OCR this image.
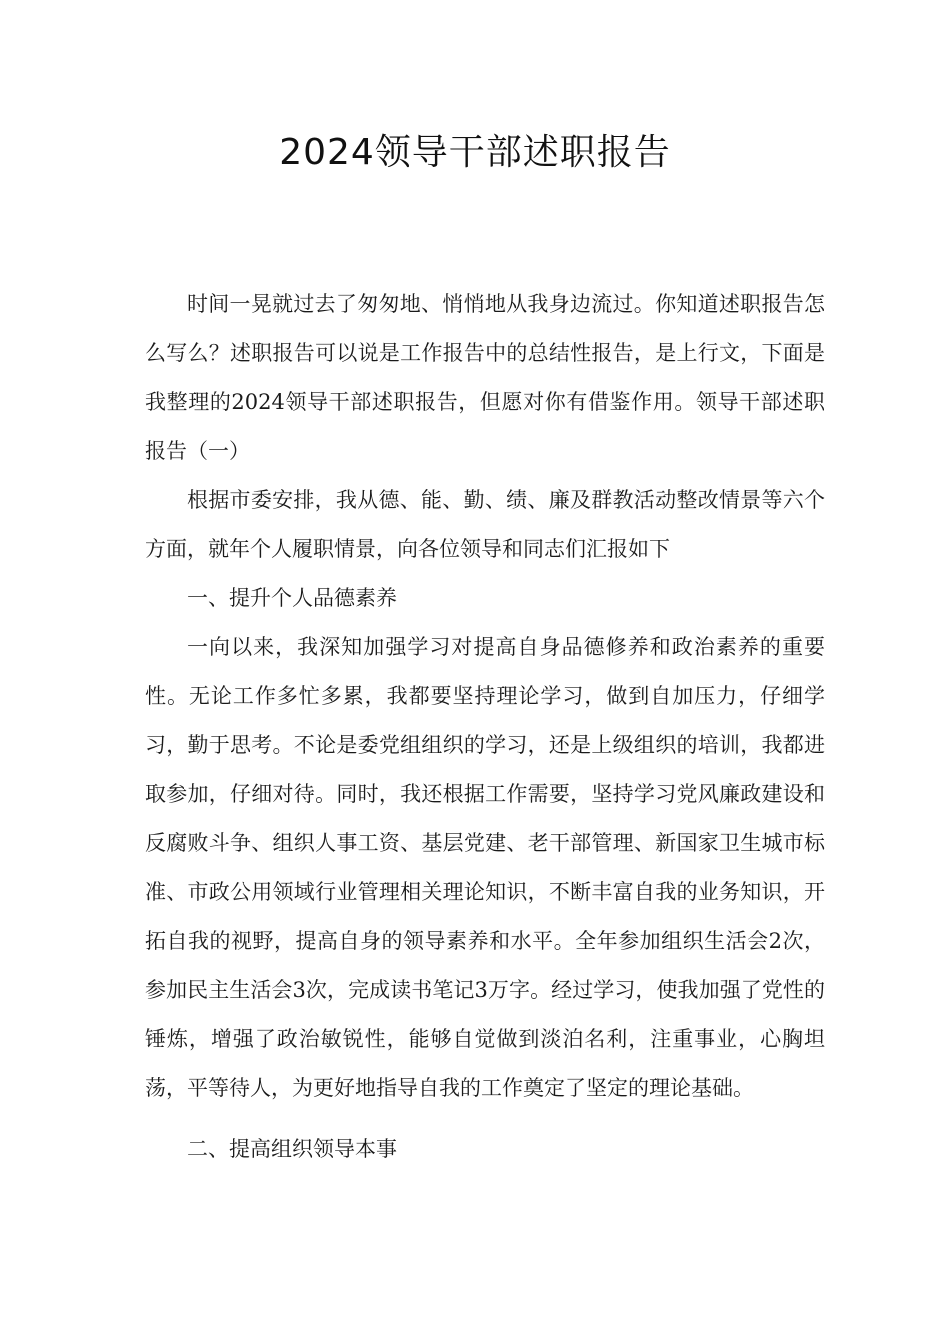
2024领导干部述职报告

时间一晃就过去了匆匆地、悄悄地从我身边流过。你知道述职报告怎么写么？述职报告可以说是工作报告中的总结性报告，是上行文，下面是我整理的2024领导干部述职报告，但愿对你有借鉴作用。领导干部述职报告（一）

根据市委安排，我从德、能、勤、绩、廉及群教活动整改情景等六个方面，就年个人履职情景，向各位领导和同志们汇报如下

一、提升个人品德素养

一向以来，我深知加强学习对提高自身品德修养和政治素养的重要性。无论工作多忙多累，我都要坚持理论学习，做到自加压力，仔细学习，勤于思考。不论是委党组组织的学习，还是上级组织的培训，我都进取参加，仔细对待。同时，我还根据工作需要，坚持学习党风廉政建设和反腐败斗争、组织人事工资、基层党建、老干部管理、新国家卫生城市标准、市政公用领域行业管理相关理论知识，不断丰富自我的业务知识，开拓自我的视野，提高自身的领导素养和水平。全年参加组织生活会2次，参加民主生活会3次，完成读书笔记3万字。经过学习，使我加强了党性的锤炼，增强了政治敏锐性，能够自觉做到淡泊名利，注重事业，心胸坦荡，平等待人，为更好地指导自我的工作奠定了坚定的理论基础。

二、提高组织领导本事
